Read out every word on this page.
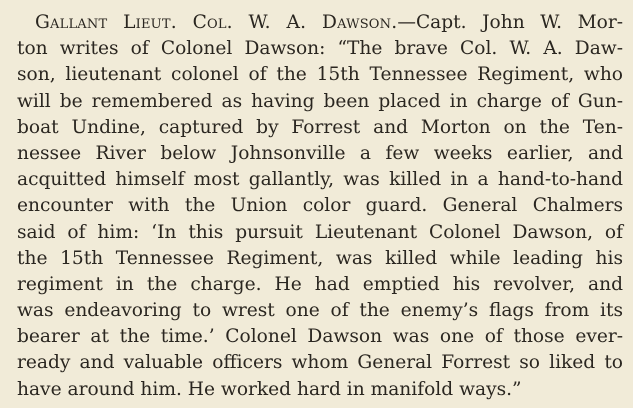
Gallant Lieut. Col. W. A. Dawson.—Capt. John W. Mor-
ton writes of Colonel Dawson: “The brave Col. W. A. Daw-
son, lieutenant colonel of the 15th Tennessee Regiment, who
will be remembered as having been placed in charge of Gun-
boat Undine, captured by Forrest and Morton on the Ten-
nessee River below Johnsonville a few weeks earlier, and
acquitted himself most gallantly, was killed in a hand-to-hand
encounter with the Union color guard. General Chalmers
said of him: ‘In this pursuit Lieutenant Colonel Dawson, of
the 15th Tennessee Regiment, was killed while leading his
regiment in the charge. He had emptied his revolver, and
was endeavoring to wrest one of the enemy’s flags from its
bearer at the time.’ Colonel Dawson was one of those ever-
ready and valuable officers whom General Forrest so liked to
have around him. He worked hard in manifold ways.”
